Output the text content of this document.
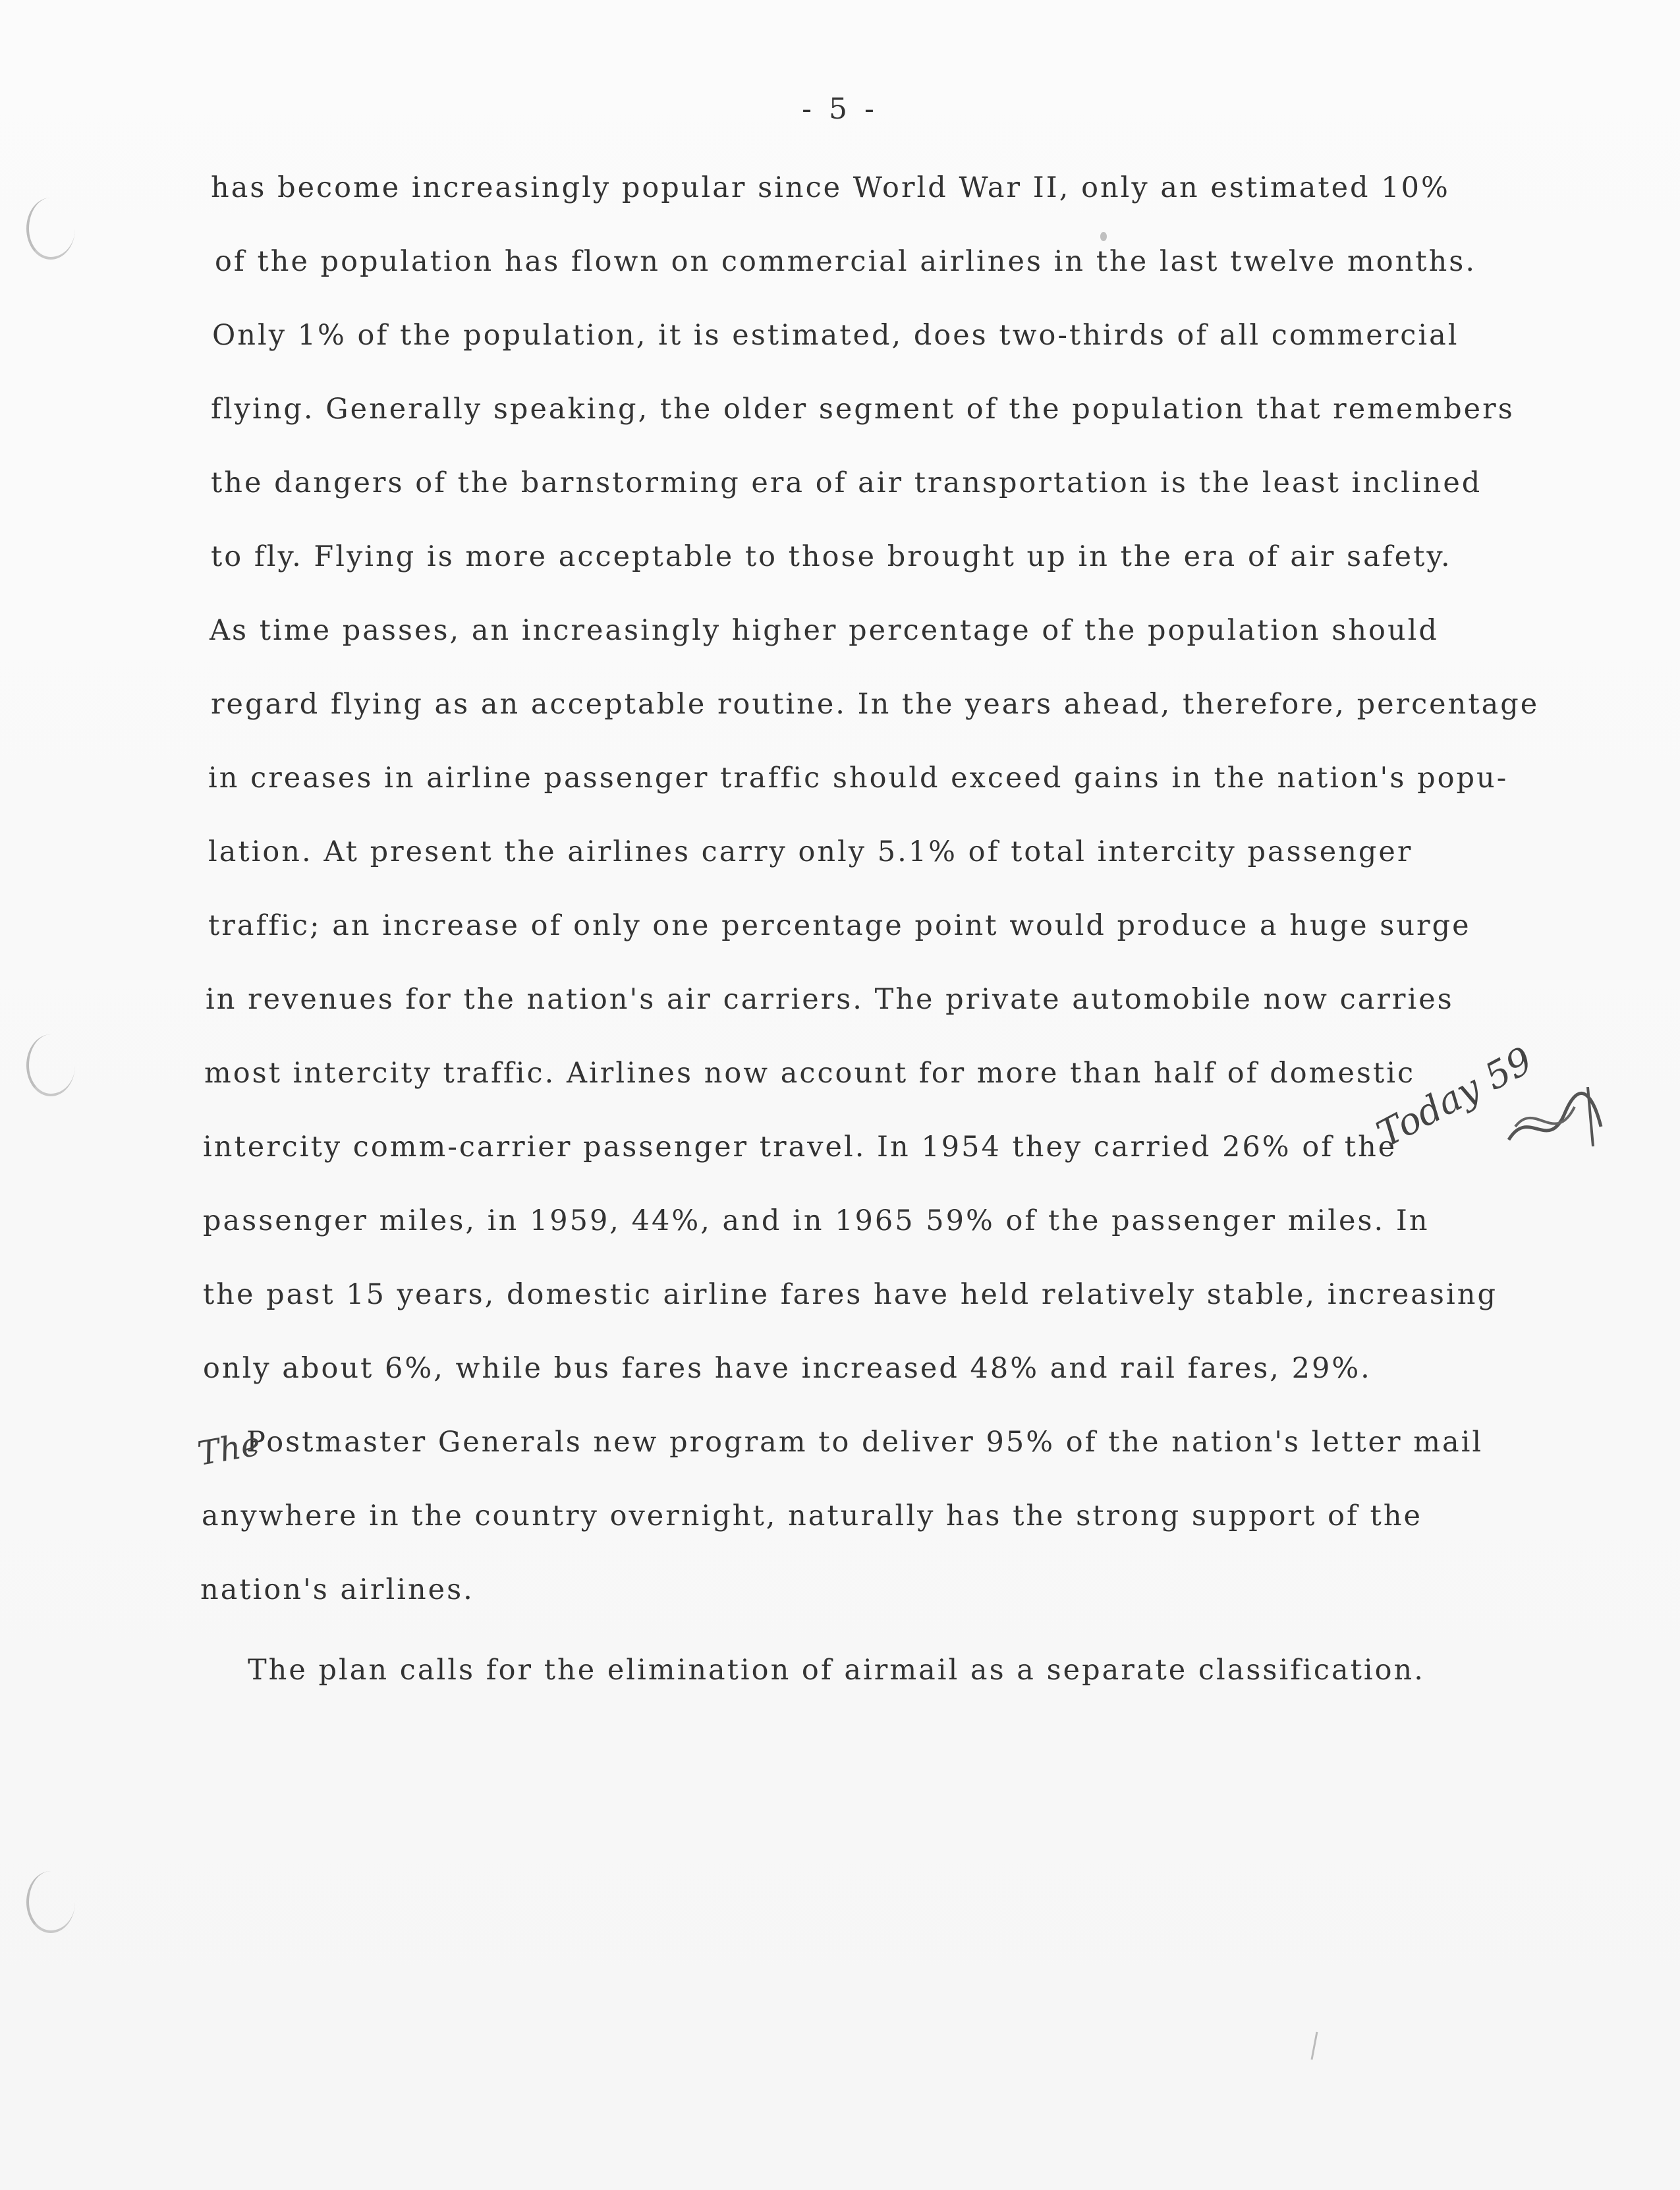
- 5 -
has become increasingly popular since World War II, only an estimated 10%
of the population has flown on commercial airlines in the last twelve months.
Only 1% of the population, it is estimated, does two-thirds of all commercial
flying. Generally speaking, the older segment of the population that remembers
the dangers of the barnstorming era of air transportation is the least inclined
to fly. Flying is more acceptable to those brought up in the era of air safety.
As time passes, an increasingly higher percentage of the population should
regard flying as an acceptable routine. In the years ahead, therefore, percentage
in creases in airline passenger traffic should exceed gains in the nation's popu-
lation. At present the airlines carry only 5.1% of total intercity passenger
traffic; an increase of only one percentage point would produce a huge surge
in revenues for the nation's air carriers. The private automobile now carries
most intercity traffic. Airlines now account for more than half of domestic
intercity comm-carrier passenger travel. In 1954 they carried 26% of the
passenger miles, in 1959, 44%, and in 1965 59% of the passenger miles. In
the past 15 years, domestic airline fares have held relatively stable, increasing
only about 6%, while bus fares have increased 48% and rail fares, 29%.
Postmaster Generals new program to deliver 95% of the nation's letter mail
anywhere in the country overnight, naturally has the strong support of the
nation's airlines.
The plan calls for the elimination of airmail as a separate classification.
Today 59
The
